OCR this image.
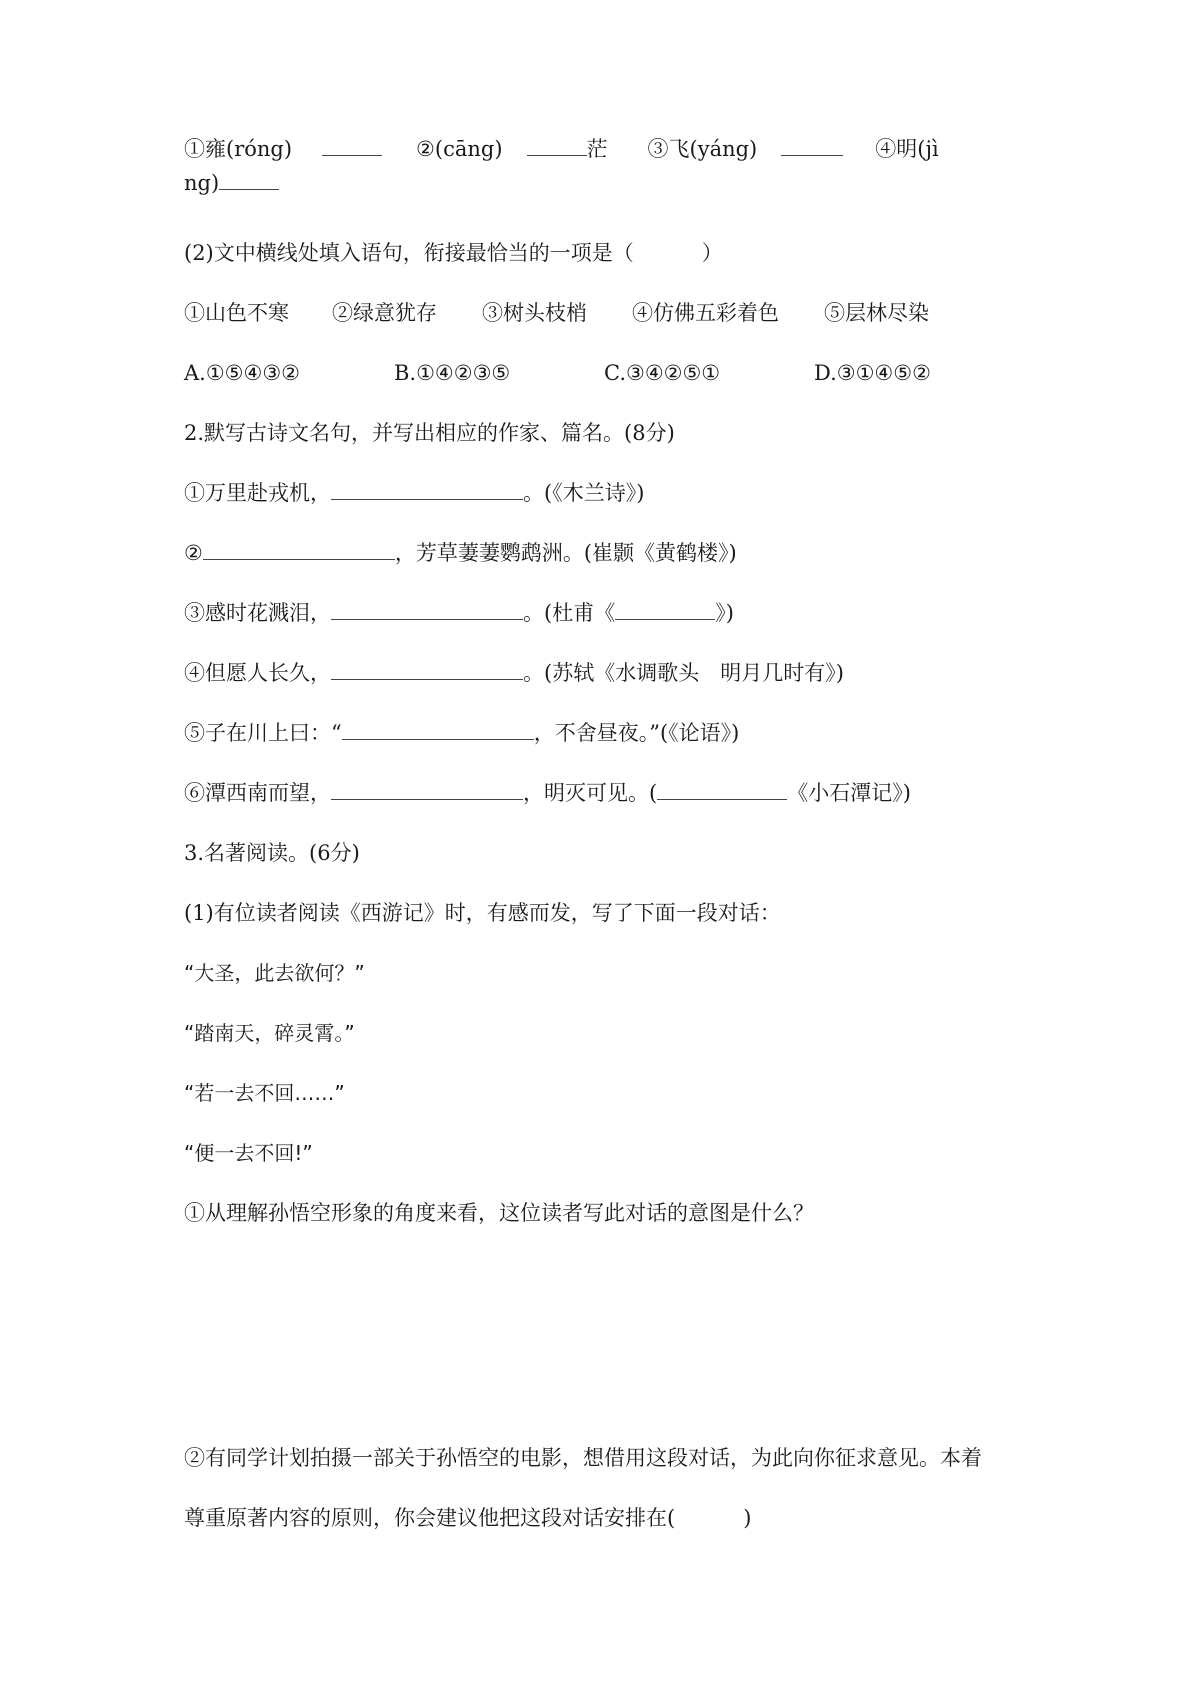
①雍(róng)	②(cāng)	茫 ③飞(yáng)	④明(jì
ng)
(2)文中横线处填入语句，衔接最恰当的一项是（	）
①山色不寒 ②绿意犹存 ③树头枝梢 ④仿佛五彩着色 ⑤层林尽染
A.①⑤④③②	B.①④②③⑤	C.③④②⑤①	D.③①④⑤②
2.默写古诗文名句，并写出相应的作家、篇名。(8分)
①万里赴戎机，	。(《木兰诗》)
②	，芳草萋萋鹦鹉洲。(崔颢《黄鹤楼》)
③感时花溅泪，	。(杜甫《	》)
④但愿人长久，	。(苏轼《水调歌头　明月几时有》)
⑤子在川上曰：“	，不舍昼夜。”(《论语》)
⑥潭西南而望，	，明灭可见。(	《小石潭记》)
3.名著阅读。(6分)
(1)有位读者阅读《西游记》时，有感而发，写了下面一段对话：
“大圣，此去欲何？”
“踏南天，碎灵霄。”
“若一去不回……”
“便一去不回!”
①从理解孙悟空形象的角度来看，这位读者写此对话的意图是什么？
②有同学计划拍摄一部关于孙悟空的电影，想借用这段对话，为此向你征求意见。本着
尊重原著内容的原则，你会建议他把这段对话安排在(	)
